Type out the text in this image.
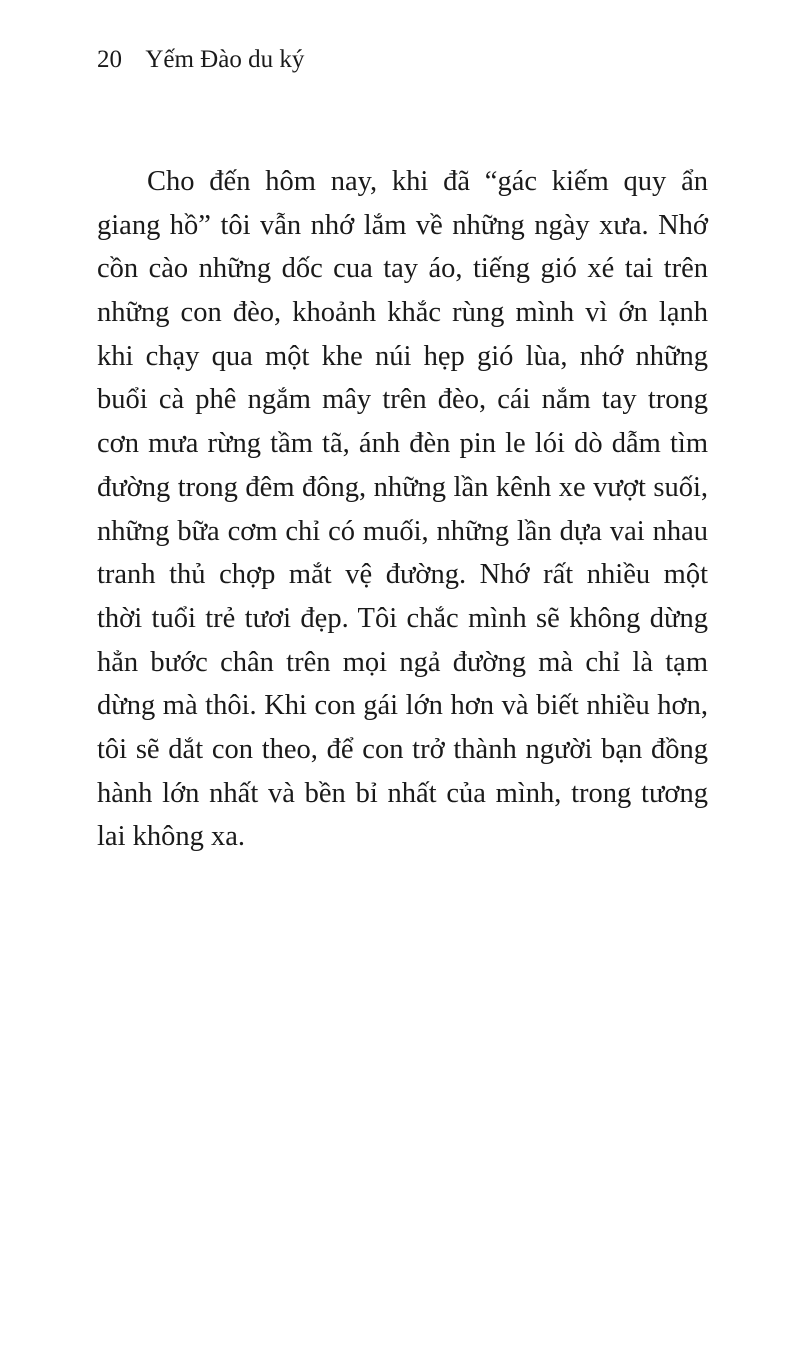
20 Yếm Đào du ký
Cho đến hôm nay, khi đã “gác kiếm quy ẩn
giang hồ” tôi vẫn nhớ lắm về những ngày xưa. Nhớ
cồn cào những dốc cua tay áo, tiếng gió xé tai trên
những con đèo, khoảnh khắc rùng mình vì ớn lạnh
khi chạy qua một khe núi hẹp gió lùa, nhớ những
buổi cà phê ngắm mây trên đèo, cái nắm tay trong
cơn mưa rừng tầm tã, ánh đèn pin le lói dò dẫm tìm
đường trong đêm đông, những lần kênh xe vượt suối,
những bữa cơm chỉ có muối, những lần dựa vai nhau
tranh thủ chợp mắt vệ đường. Nhớ rất nhiều một
thời tuổi trẻ tươi đẹp. Tôi chắc mình sẽ không dừng
hẳn bước chân trên mọi ngả đường mà chỉ là tạm
dừng mà thôi. Khi con gái lớn hơn và biết nhiều hơn,
tôi sẽ dắt con theo, để con trở thành người bạn đồng
hành lớn nhất và bền bỉ nhất của mình, trong tương
lai không xa.
